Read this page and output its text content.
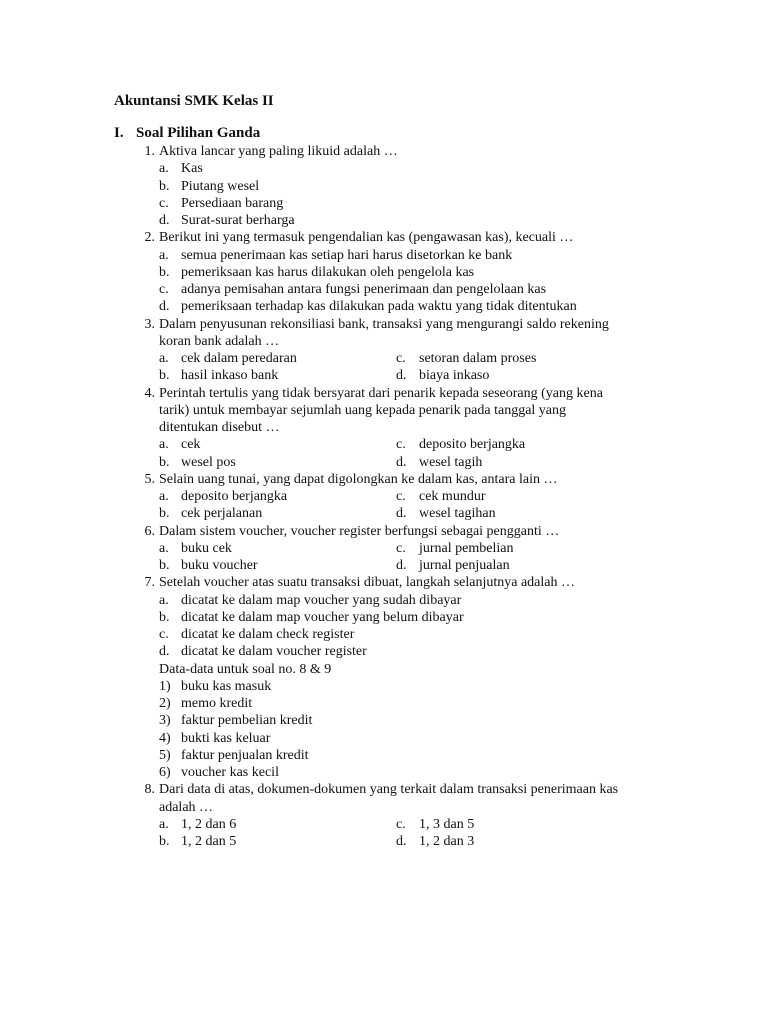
Akuntansi SMK Kelas II
I. Soal Pilihan Ganda
1. Aktiva lancar yang paling likuid adalah …
a. Kas
b. Piutang wesel
c. Persediaan barang
d. Surat-surat berharga
2. Berikut ini yang termasuk pengendalian kas (pengawasan kas), kecuali …
a. semua penerimaan kas setiap hari harus disetorkan ke bank
b. pemeriksaan kas harus dilakukan oleh pengelola kas
c. adanya pemisahan antara fungsi penerimaan dan pengelolaan kas
d. pemeriksaan terhadap kas dilakukan pada waktu yang tidak ditentukan
3. Dalam penyusunan rekonsiliasi bank, transaksi yang mengurangi saldo rekening
koran bank adalah …
a. cek dalam peredaran	c. setoran dalam proses
b. hasil inkaso bank	d. biaya inkaso
4. Perintah tertulis yang tidak bersyarat dari penarik kepada seseorang (yang kena
tarik) untuk membayar sejumlah uang kepada penarik pada tanggal yang
ditentukan disebut …
a. cek	c. deposito berjangka
b. wesel pos	d. wesel tagih
5. Selain uang tunai, yang dapat digolongkan ke dalam kas, antara lain …
a. deposito berjangka	c. cek mundur
b. cek perjalanan	d. wesel tagihan
6. Dalam sistem voucher, voucher register berfungsi sebagai pengganti …
a. buku cek	c. jurnal pembelian
b. buku voucher	d. jurnal penjualan
7. Setelah voucher atas suatu transaksi dibuat, langkah selanjutnya adalah …
a. dicatat ke dalam map voucher yang sudah dibayar
b. dicatat ke dalam map voucher yang belum dibayar
c. dicatat ke dalam check register
d. dicatat ke dalam voucher register
Data-data untuk soal no. 8 & 9
1) buku kas masuk
2) memo kredit
3) faktur pembelian kredit
4) bukti kas keluar
5) faktur penjualan kredit
6) voucher kas kecil
8. Dari data di atas, dokumen-dokumen yang terkait dalam transaksi penerimaan kas
adalah …
a. 1, 2 dan 6	c. 1, 3 dan 5
b. 1, 2 dan 5	d. 1, 2 dan 3
